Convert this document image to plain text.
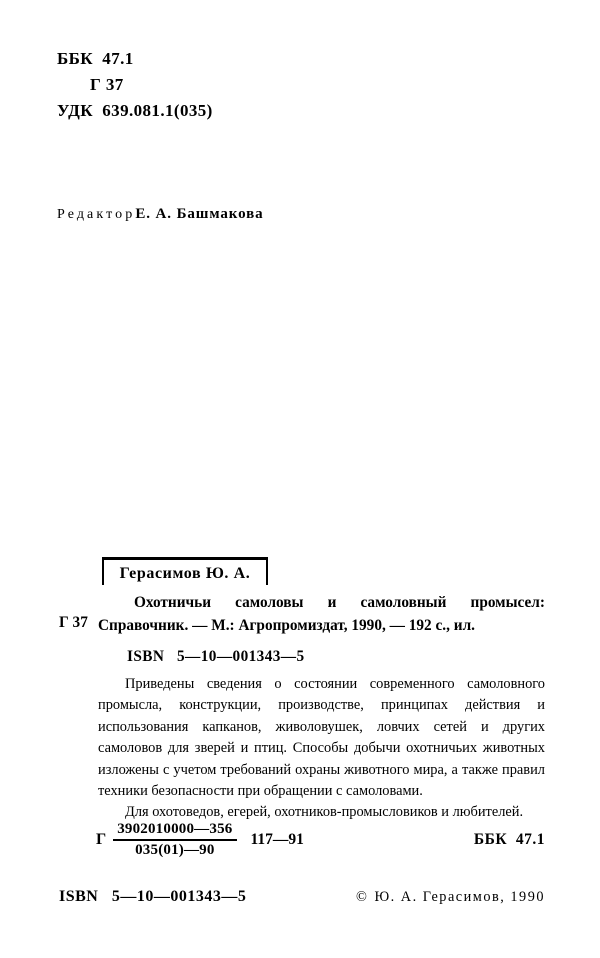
ББК  47.1
Г 37
УДК  639.081.1(035)
РедакторЕ. А. Башмакова
Герасимов Ю. А.
Охотничьи самоловы и самоловный промысел: Справочник. — М.: Агропромиздат, 1990, — 192 с., ил.
Г 37
ISBN   5—10—001343—5

Приведены сведения о состоянии современного самоловного промысла, конструкции, производстве, принципах действия и использования капканов, живоловушек, ловчих сетей и других самоловов для зверей и птиц. Способы добычи охотничьих животных изложены с учетом требований охраны животного мира, а также правил техники безопасности при обращении с самоловами.

Для охотоведов, егерей, охотников-промысловиков и любителей.

Г $\frac{3902010000—356}{035(01)—90}$ 117—91	ББК  47.1
ISBN   5—10—001343—5	© Ю. А. Герасимов, 1990
